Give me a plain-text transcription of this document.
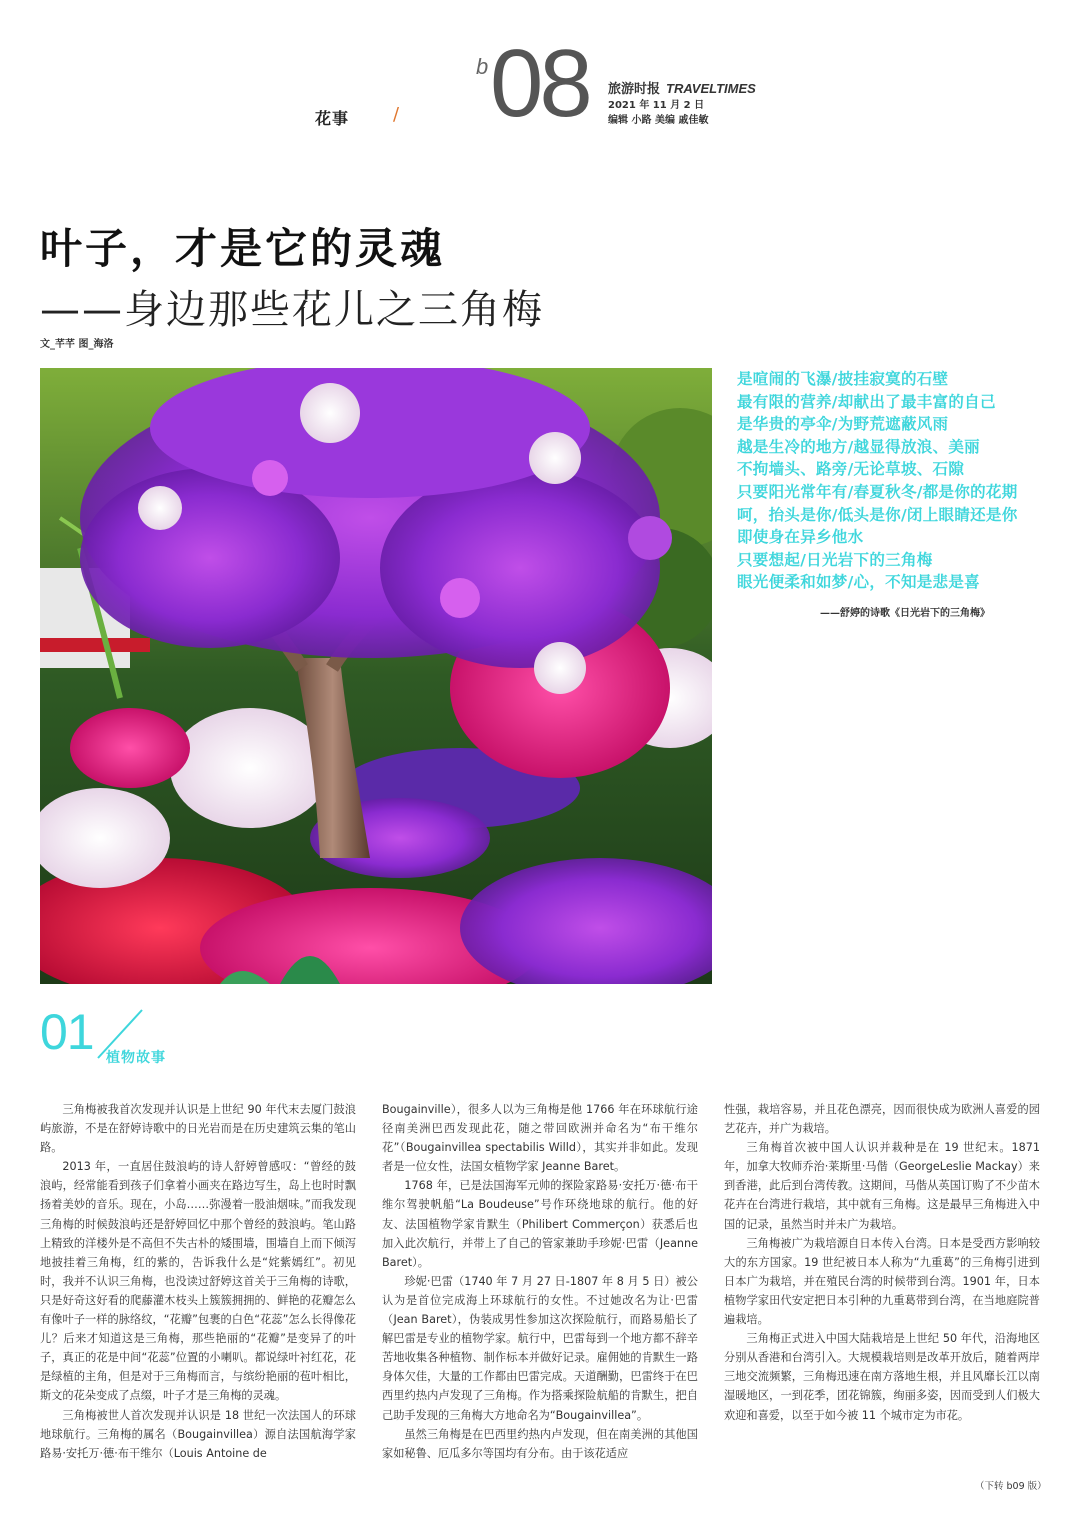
花事 /
b 08 旅游时报 TRAVELTIMES
2021 年 11 月 2 日
编辑 小路 美编 戚佳敏
叶子，才是它的灵魂
——身边那些花儿之三角梅
文_芊芊 图_海洛
是喧闹的飞瀑/披挂寂寞的石壁
最有限的营养/却献出了最丰富的自己
是华贵的亭伞/为野荒遮蔽风雨
越是生冷的地方/越显得放浪、美丽
不拘墙头、路旁/无论草坡、石隙
只要阳光常年有/春夏秋冬/都是你的花期
呵，抬头是你/低头是你/闭上眼睛还是你
即使身在异乡他水
只要想起/日光岩下的三角梅
眼光便柔和如梦/心，不知是悲是喜
——舒婷的诗歌《日光岩下的三角梅》
01 植物故事

三角梅被我首次发现并认识是上世纪 90 年代末去厦门鼓浪屿旅游，不是在舒婷诗歌中的日光岩而是在历史建筑云集的笔山路。

2013 年，一直居住鼓浪屿的诗人舒婷曾感叹：“曾经的鼓浪屿，经常能看到孩子们拿着小画夹在路边写生，岛上也时时飘扬着美妙的音乐。现在，小岛……弥漫着一股油烟味。”而我发现三角梅的时候鼓浪屿还是舒婷回忆中那个曾经的鼓浪屿。笔山路上精致的洋楼外是不高但不失古朴的矮围墙，围墙自上而下倾泻地披挂着三角梅，红的紫的，告诉我什么是“姹紫嫣红”。初见时，我并不认识三角梅，也没读过舒婷这首关于三角梅的诗歌，只是好奇这好看的爬藤灌木枝头上簇簇拥拥的、鲜艳的花瓣怎么有像叶子一样的脉络纹，“花瓣”包裹的白色“花蕊”怎么长得像花儿？后来才知道这是三角梅，那些艳丽的“花瓣”是变异了的叶子，真正的花是中间“花蕊”位置的小喇叭。都说绿叶衬红花，花是绿植的主角，但是对于三角梅而言，与缤纷艳丽的苞叶相比，斯文的花朵变成了点缀，叶子才是三角梅的灵魂。

三角梅被世人首次发现并认识是 18 世纪一次法国人的环球地球航行。三角梅的属名（Bougainvillea）源自法国航海学家路易·安托万·德·布干维尔（Louis Antoine de

Bougainville），很多人以为三角梅是他 1766 年在环球航行途径南美洲巴西发现此花，随之带回欧洲并命名为“布干维尔花”（Bougainvillea spectabilis Willd），其实并非如此。发现者是一位女性，法国女植物学家 Jeanne Baret。

1768 年，已是法国海军元帅的探险家路易·安托万·德·布干维尔驾驶帆船“La Boudeuse”号作环绕地球的航行。他的好友、法国植物学家肯默生（Philibert Commerçon）获悉后也加入此次航行，并带上了自己的管家兼助手珍妮·巴雷（Jeanne Baret）。

珍妮·巴雷（1740 年 7 月 27 日-1807 年 8 月 5 日）被公认为是首位完成海上环球航行的女性。不过她改名为让·巴雷（Jean Baret），伪装成男性参加这次探险航行，而路易船长了解巴雷是专业的植物学家。航行中，巴雷每到一个地方都不辞辛苦地收集各种植物、制作标本并做好记录。雇佣她的肯默生一路身体欠佳，大量的工作都由巴雷完成。天道酬勤，巴雷终于在巴西里约热内卢发现了三角梅。作为搭乘探险航船的肯默生，把自己助手发现的三角梅大方地命名为“Bougainvillea”。

虽然三角梅是在巴西里约热内卢发现，但在南美洲的其他国家如秘鲁、厄瓜多尔等国均有分布。由于该花适应

性强，栽培容易，并且花色漂亮，因而很快成为欧洲人喜爱的园艺花卉，并广为栽培。

三角梅首次被中国人认识并栽种是在 19 世纪末。1871 年，加拿大牧师乔治·莱斯里·马偕（GeorgeLeslie Mackay）来到香港，此后到台湾传教。这期间，马偕从英国订购了不少苗木花卉在台湾进行栽培，其中就有三角梅。这是最早三角梅进入中国的记录，虽然当时并未广为栽培。

三角梅被广为栽培源自日本传入台湾。日本是受西方影响较大的东方国家。19 世纪被日本人称为“九重葛”的三角梅引进到日本广为栽培，并在殖民台湾的时候带到台湾。1901 年，日本植物学家田代安定把日本引种的九重葛带到台湾，在当地庭院普遍栽培。

三角梅正式进入中国大陆栽培是上世纪 50 年代，沿海地区分别从香港和台湾引入。大规模栽培则是改革开放后，随着两岸三地交流频繁，三角梅迅速在南方落地生根，并且风靡长江以南湿暖地区，一到花季，团花锦簇，绚丽多姿，因而受到人们极大欢迎和喜爱，以至于如今被 11 个城市定为市花。

（下转 b09 版）
